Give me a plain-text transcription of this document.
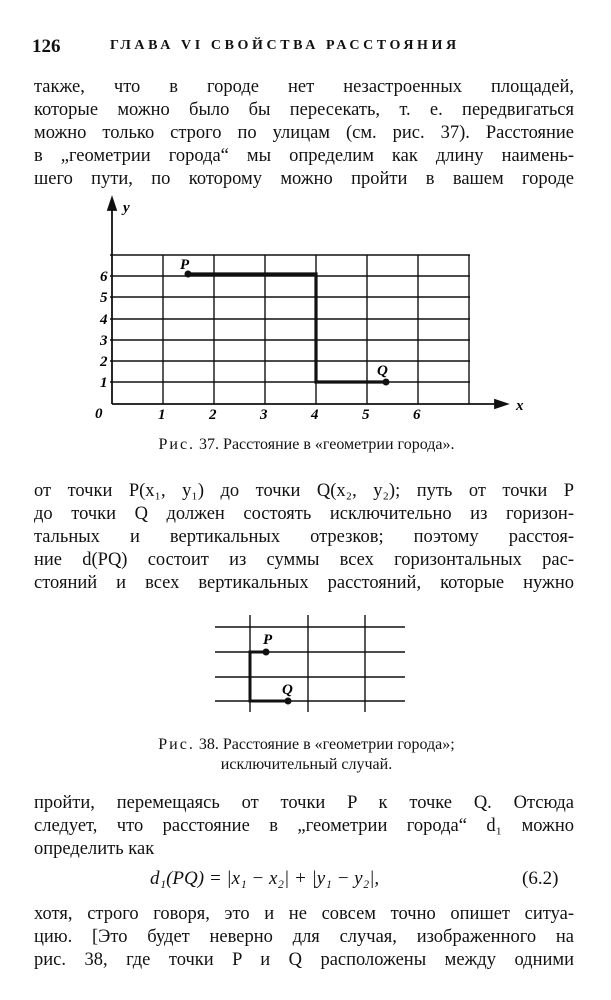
126	ГЛАВА VI СВОЙСТВА РАССТОЯНИЯ
также, что в городе нет незастроенных площадей,
которые можно было бы пересекать, т. е. передвигаться
можно только строго по улицам (см. рис. 37). Расстояние
в „геометрии города“ мы определим как длину наимень-
шего пути, по которому можно пройти в вашем городе
P
Q
y
x
0	1	2	3	4	5	6
1
2
3
4
5
6
Рис. 37. Расстояние в «геометрии города».
от точки P(x₁, y₁) до точки Q(x₂, y₂); путь от точки P
до точки Q должен состоять исключительно из горизон-
тальных и вертикальных отрезков; поэтому расстоя-
ние d(PQ) состоит из суммы всех горизонтальных рас-
стояний и всех вертикальных расстояний, которые нужно
P
Q
Рис. 38. Расстояние в «геометрии города»;
исключительный случай.
пройти, перемещаясь от точки P к точке Q. Отсюда
следует, что расстояние в „геометрии города“ d₁ можно
определить как
d₁(PQ) = |x₁ − x₂| + |y₁ − y₂|,	(6.2)
хотя, строго говоря, это и не совсем точно опишет ситуа-
цию. [Это будет неверно для случая, изображенного на
рис. 38, где точки P и Q расположены между одними
